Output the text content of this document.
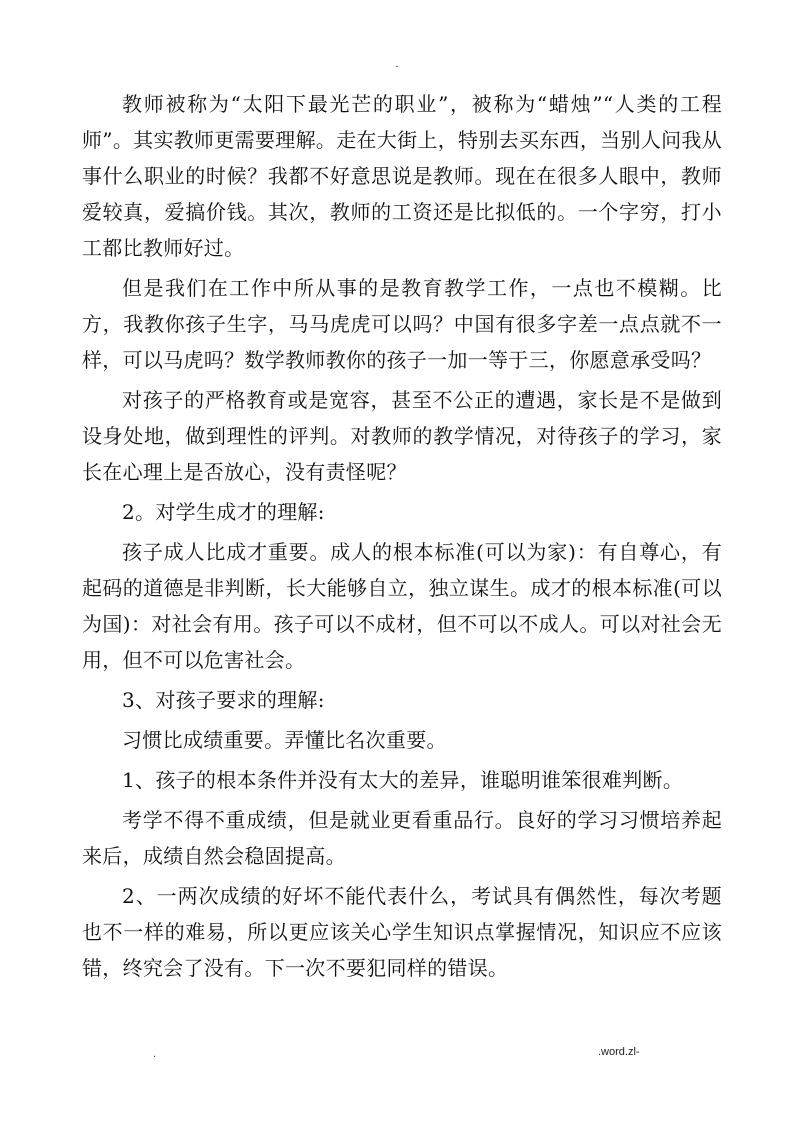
-

教师被称为“太阳下最光芒的职业”，被称为“蜡烛”“人类的工程师”。其实教师更需要理解。走在大街上，特别去买东西，当别人问我从事什么职业的时候？我都不好意思说是教师。现在在很多人眼中，教师爱较真，爱搞价钱。其次，教师的工资还是比拟低的。一个字穷，打小工都比教师好过。

但是我们在工作中所从事的是教育教学工作，一点也不模糊。比方，我教你孩子生字，马马虎虎可以吗？中国有很多字差一点点就不一样，可以马虎吗？数学教师教你的孩子一加一等于三，你愿意承受吗？

对孩子的严格教育或是宽容，甚至不公正的遭遇，家长是不是做到设身处地，做到理性的评判。对教师的教学情况，对待孩子的学习，家长在心理上是否放心，没有责怪呢？

2。对学生成才的理解:

孩子成人比成才重要。成人的根本标准(可以为家)：有自尊心，有起码的道德是非判断，长大能够自立，独立谋生。成才的根本标准(可以为国)：对社会有用。孩子可以不成材，但不可以不成人。可以对社会无用，但不可以危害社会。

3、对孩子要求的理解:

习惯比成绩重要。弄懂比名次重要。

1、孩子的根本条件并没有太大的差异，谁聪明谁笨很难判断。

考学不得不重成绩，但是就业更看重品行。良好的学习习惯培养起来后，成绩自然会稳固提高。

2、一两次成绩的好坏不能代表什么，考试具有偶然性，每次考题也不一样的难易，所以更应该关心学生知识点掌握情况，知识应不应该错，终究会了没有。下一次不要犯同样的错误。

.	.word.zl-
